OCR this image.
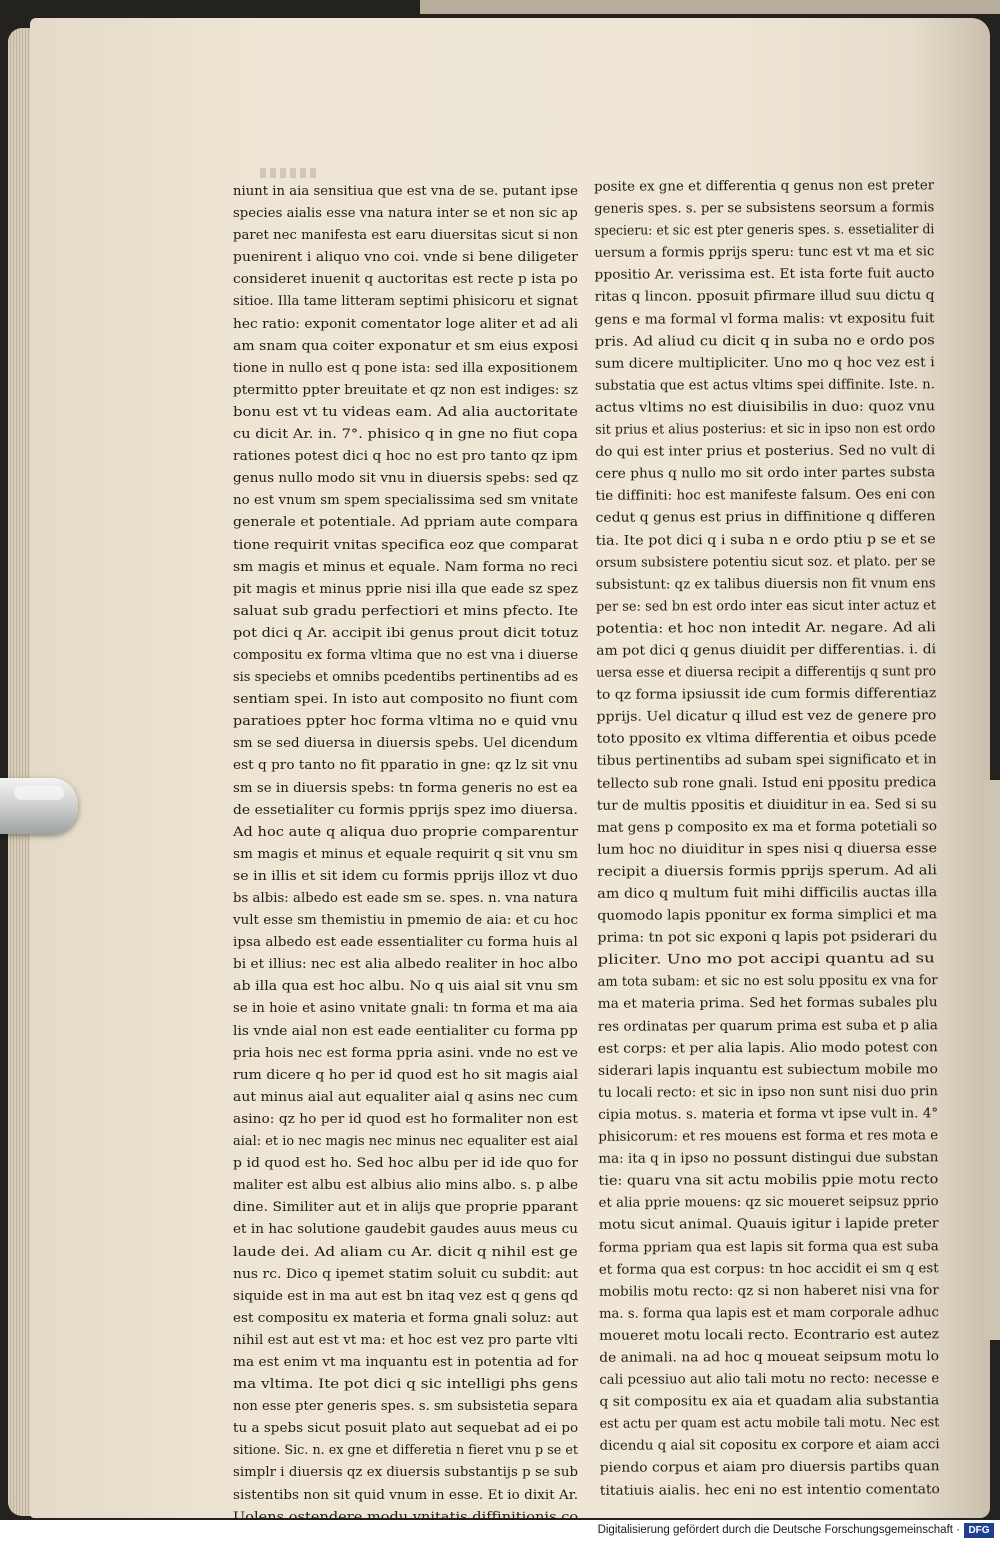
niunt in aia sensitiua que est vna de se. putant ipse
species aialis esse vna natura inter se et non sic ap
paret nec manifesta est earu diuersitas sicut si non
puenirent i aliquo vno coi. vnde si bene diligeter
consideret inuenit q auctoritas est recte p ista po
sitioe. Illa tame litteram septimi phisicoru et signat
hec ratio: exponit comentator loge aliter et ad ali
am snam qua coiter exponatur et sm eius exposi
tione in nullo est q pone ista: sed illa expositionem
ptermitto ppter breuitate et qz non est indiges: sz
bonu est vt tu videas eam. Ad alia auctoritate
cu dicit Ar. in. 7°. phisico q in gne no fiut copa
rationes potest dici q hoc no est pro tanto qz ipm
genus nullo modo sit vnu in diuersis spebs: sed qz
no est vnum sm spem specialissima sed sm vnitate
generale et potentiale. Ad ppriam aute compara
tione requirit vnitas specifica eoz que comparat
sm magis et minus et equale. Nam forma no reci
pit magis et minus pprie nisi illa que eade sz spez
saluat sub gradu perfectiori et mins pfecto. Ite
pot dici q Ar. accipit ibi genus prout dicit totuz
compositu ex forma vltima que no est vna i diuerse
sis speciebs et omnibs pcedentibs pertinentibs ad es
sentiam spei. In isto aut composito no fiunt com
paratioes ppter hoc forma vltima no e quid vnu
sm se sed diuersa in diuersis spebs. Uel dicendum
est q pro tanto no fit pparatio in gne: qz lz sit vnu
sm se in diuersis spebs: tn forma generis no est ea
de essetialiter cu formis pprijs spez imo diuersa.
Ad hoc aute q aliqua duo proprie comparentur
sm magis et minus et equale requirit q sit vnu sm
se in illis et sit idem cu formis pprijs illoz vt duo
bs albis: albedo est eade sm se. spes. n. vna natura
vult esse sm themistiu in pmemio de aia: et cu hoc
ipsa albedo est eade essentialiter cu forma huis al
bi et illius: nec est alia albedo realiter in hoc albo
ab illa qua est hoc albu. No q uis aial sit vnu sm
se in hoie et asino vnitate gnali: tn forma et ma aia
lis vnde aial non est eade eentialiter cu forma pp
pria hois nec est forma ppria asini. vnde no est ve
rum dicere q ho per id quod est ho sit magis aial
aut minus aial aut equaliter aial q asins nec cum
asino: qz ho per id quod est ho formaliter non est
aial: et io nec magis nec minus nec equaliter est aial
p id quod est ho. Sed hoc albu per id ide quo for
maliter est albu est albius alio mins albo. s. p albe
dine. Similiter aut et in alijs que proprie pparant
et in hac solutione gaudebit gaudes auus meus cu
laude dei. Ad aliam cu Ar. dicit q nihil est ge
nus rc. Dico q ipemet statim soluit cu subdit: aut
siquide est in ma aut est bn itaq vez est q gens qd
est compositu ex materia et forma gnali soluz: aut
nihil est aut est vt ma: et hoc est vez pro parte vlti
ma est enim vt ma inquantu est in potentia ad for
ma vltima. Ite pot dici q sic intelligi phs gens
non esse pter generis spes. s. sm subsistetia separa
tu a spebs sicut posuit plato aut sequebat ad ei po
sitione. Sic. n. ex gne et differetia n fieret vnu p se et
simplr i diuersis qz ex diuersis substantijs p se sub
sistentibs non sit quid vnum in esse. Et io dixit Ar.
Uolens ostendere modu vnitatis diffinitionis co
posite ex gne et differentia q genus non est preter
generis spes. s. per se subsistens seorsum a formis
specieru: et sic est pter generis spes. s. essetialiter di
uersum a formis pprijs speru: tunc est vt ma et sic
ppositio Ar. verissima est. Et ista forte fuit aucto
ritas q lincon. pposuit pfirmare illud suu dictu q
gens e ma formal vl forma malis: vt expositu fuit
pris. Ad aliud cu dicit q in suba no e ordo pos
sum dicere multipliciter. Uno mo q hoc vez est i
substatia que est actus vltims spei diffinite. Iste. n.
actus vltims no est diuisibilis in duo: quoz vnu
sit prius et alius posterius: et sic in ipso non est ordo
do qui est inter prius et posterius. Sed no vult di
cere phus q nullo mo sit ordo inter partes substa
tie diffiniti: hoc est manifeste falsum. Oes eni con
cedut q genus est prius in diffinitione q differen
tia. Ite pot dici q i suba n e ordo ptiu p se et se
orsum subsistere potentiu sicut soz. et plato. per se
subsistunt: qz ex talibus diuersis non fit vnum ens
per se: sed bn est ordo inter eas sicut inter actuz et
potentia: et hoc non intedit Ar. negare. Ad ali
am pot dici q genus diuidit per differentias. i. di
uersa esse et diuersa recipit a differentijs q sunt pro
to qz forma ipsiussit ide cum formis differentiaz
pprijs. Uel dicatur q illud est vez de genere pro
toto pposito ex vltima differentia et oibus pcede
tibus pertinentibs ad subam spei significato et in
tellecto sub rone gnali. Istud eni ppositu predica
tur de multis ppositis et diuiditur in ea. Sed si su
mat gens p composito ex ma et forma potetiali so
lum hoc no diuiditur in spes nisi q diuersa esse
recipit a diuersis formis pprijs sperum. Ad ali
am dico q multum fuit mihi difficilis auctas illa
quomodo lapis pponitur ex forma simplici et ma
prima: tn pot sic exponi q lapis pot psiderari du
pliciter. Uno mo pot accipi quantu ad su
am tota subam: et sic no est solu ppositu ex vna for
ma et materia prima. Sed het formas subales plu
res ordinatas per quarum prima est suba et p alia
est corps: et per alia lapis. Alio modo potest con
siderari lapis inquantu est subiectum mobile mo
tu locali recto: et sic in ipso non sunt nisi duo prin
cipia motus. s. materia et forma vt ipse vult in. 4°
phisicorum: et res mouens est forma et res mota e
ma: ita q in ipso no possunt distingui due substan
tie: quaru vna sit actu mobilis ppie motu recto
et alia pprie mouens: qz sic moueret seipsuz pprio
motu sicut animal. Quauis igitur i lapide preter
forma ppriam qua est lapis sit forma qua est suba
et forma qua est corpus: tn hoc accidit ei sm q est
mobilis motu recto: qz si non haberet nisi vna for
ma. s. forma qua lapis est et mam corporale adhuc
moueret motu locali recto. Econtrario est autez
de animali. na ad hoc q moueat seipsum motu lo
cali pcessiuo aut alio tali motu no recto: necesse e
q sit compositu ex aia et quadam alia substantia
est actu per quam est actu mobile tali motu. Nec est
dicendu q aial sit copositu ex corpore et aiam acci
piendo corpus et aiam pro diuersis partibs quan
titatiuis aialis. hec eni no est intentio comentato
Digitalisierung gefördert durch die Deutsche Forschungsgemeinschaft · DFG
